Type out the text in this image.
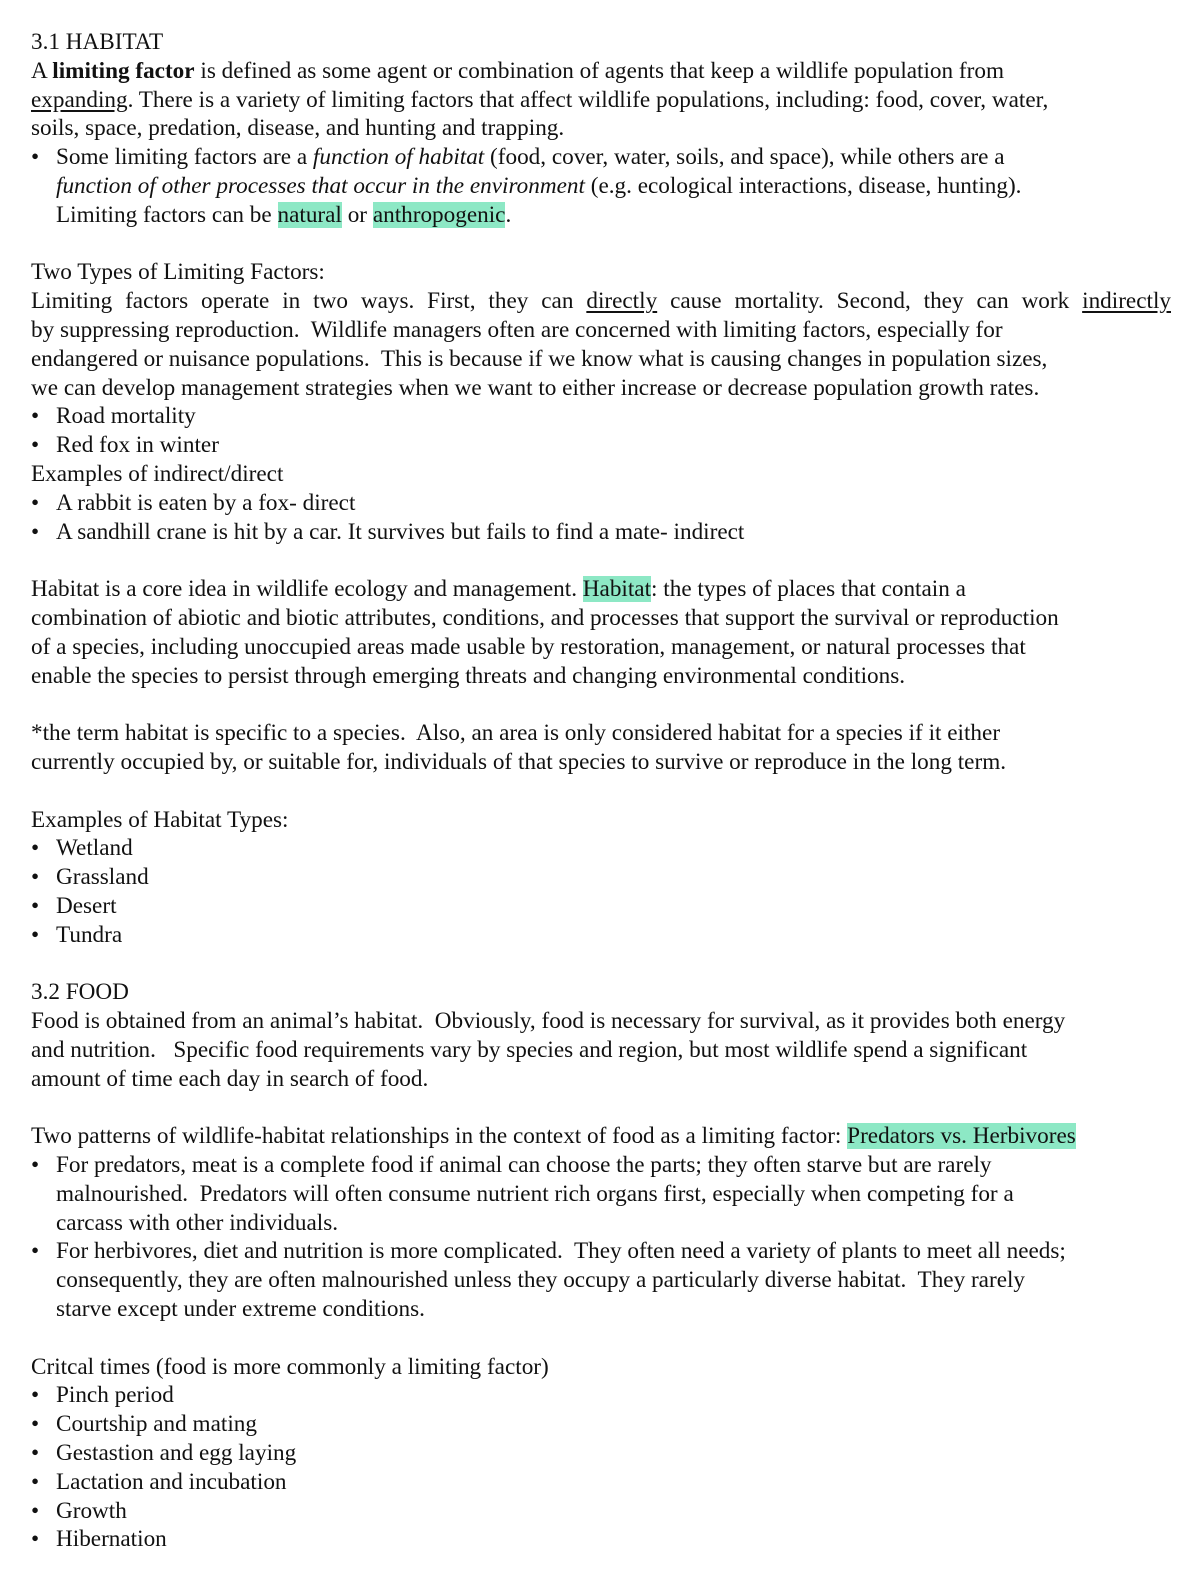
3.1 HABITAT

A limiting factor is defined as some agent or combination of agents that keep a wildlife population from

expanding. There is a variety of limiting factors that affect wildlife populations, including: food, cover, water,

soils, space, predation, disease, and hunting and trapping.

• Some limiting factors are a function of habitat (food, cover, water, soils, and space), while others are a

function of other processes that occur in the environment (e.g. ecological interactions, disease, hunting).

Limiting factors can be natural or anthropogenic.

Two Types of Limiting Factors:

Limiting factors operate in two ways. First, they can directly cause mortality. Second, they can work indirectly

by suppressing reproduction.  Wildlife managers often are concerned with limiting factors, especially for

endangered or nuisance populations.  This is because if we know what is causing changes in population sizes,

we can develop management strategies when we want to either increase or decrease population growth rates.

• Road mortality

• Red fox in winter

Examples of indirect/direct

• A rabbit is eaten by a fox- direct

• A sandhill crane is hit by a car. It survives but fails to find a mate- indirect

Habitat is a core idea in wildlife ecology and management. Habitat: the types of places that contain a

combination of abiotic and biotic attributes, conditions, and processes that support the survival or reproduction

of a species, including unoccupied areas made usable by restoration, management, or natural processes that

enable the species to persist through emerging threats and changing environmental conditions.

*the term habitat is specific to a species.  Also, an area is only considered habitat for a species if it either

currently occupied by, or suitable for, individuals of that species to survive or reproduce in the long term.

Examples of Habitat Types:

• Wetland

• Grassland

• Desert

• Tundra

3.2 FOOD

Food is obtained from an animal’s habitat.  Obviously, food is necessary for survival, as it provides both energy

and nutrition.   Specific food requirements vary by species and region, but most wildlife spend a significant

amount of time each day in search of food.

Two patterns of wildlife-habitat relationships in the context of food as a limiting factor: Predators vs. Herbivores

• For predators, meat is a complete food if animal can choose the parts; they often starve but are rarely

malnourished.  Predators will often consume nutrient rich organs first, especially when competing for a

carcass with other individuals.

• For herbivores, diet and nutrition is more complicated.  They often need a variety of plants to meet all needs;

consequently, they are often malnourished unless they occupy a particularly diverse habitat.  They rarely

starve except under extreme conditions.

Critcal times (food is more commonly a limiting factor)

• Pinch period

• Courtship and mating

• Gestastion and egg laying

• Lactation and incubation

• Growth

• Hibernation
